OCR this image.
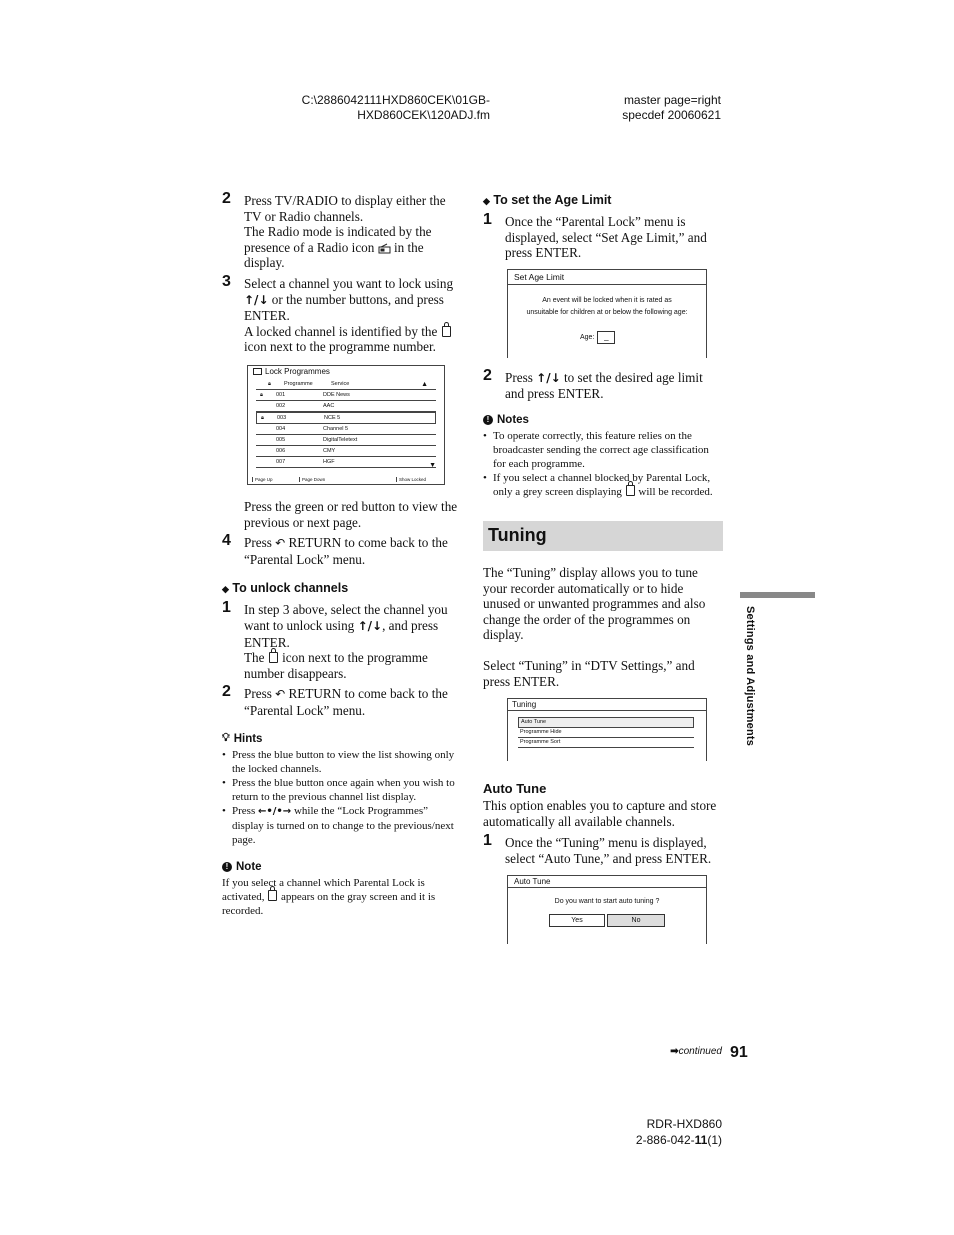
C:\2886042111HXD860CEK\01GB-
HXD860CEK\120ADJ.fm
master page=right
specdef 20060621
2 Press TV/RADIO to display either the TV or Radio channels.

The Radio mode is indicated by the presence of a Radio icon in the display.

3 Select a channel you want to lock using ↑/↓ or the number buttons, and press ENTER.

A locked channel is identified by the  icon next to the programme number.

Lock Programmes
🔒︎	Programme	Service	▲
🔒︎	001	DDE News
002	AAC
🔒︎	003	NCE 5
004	Channel 5
005	DigitalTeletext
006	CMY
007	HGF	▼
Page Up	Page Down	Show Locked

Press the green or red button to view the previous or next page.

4 Press ↶ RETURN to come back to the “Parental Lock” menu.

◆ To unlock channels
1 In step 3 above, select the channel you want to unlock using ↑/↓, and press ENTER.

The icon next to the programme number disappears.

2 Press ↶ RETURN to come back to the “Parental Lock” menu.

💡︎ Hints

• Press the blue button to view the list showing only the locked channels.

• Press the blue button once again when you wish to return to the previous channel list display.

• Press ←•/•→ while the “Lock Programmes” display is turned on to change to the previous/next page.

! Note

If you select a channel which Parental Lock is activated, appears on the gray screen and it is recorded.

◆ To set the Age Limit
1 Once the “Parental Lock” menu is displayed, select “Set Age Limit,” and press ENTER.

Set Age Limit
An event will be locked when it is rated as
unsuitable for children at or below the following age:
Age:	_
2 Press ↑/↓ to set the desired age limit and press ENTER.

! Notes

• To operate correctly, this feature relies on the broadcaster sending the correct age classification for each programme.

• If you select a channel blocked by Parental Lock, only a grey screen displaying will be recorded.

Tuning

The “Tuning” display allows you to tune your recorder automatically or to hide unused or unwanted programmes and also change the order of the programmes on display.

Select “Tuning” in “DTV Settings,” and press ENTER.

Tuning
Auto Tune
Programme Hide
Programme Sort
Auto Tune

This option enables you to capture and store automatically all available channels.

1 Once the “Tuning” menu is displayed, select “Auto Tune,” and press ENTER.

Auto Tune
Do you want to start auto tuning ?
Yes	No
Settings and Adjustments
➡continued 91
RDR-HXD860
2-886-042-11(1)
